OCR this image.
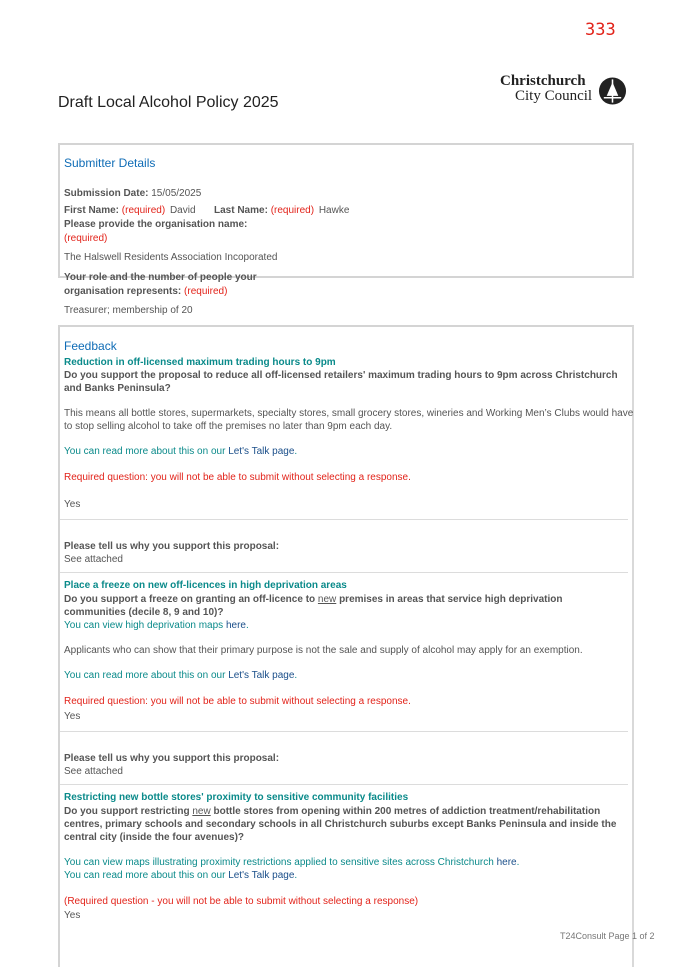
333
Christchurch
City Council
Draft Local Alcohol Policy 2025
Submitter Details
Submission Date: 15/05/2025
First Name: (required) David Last Name: (required) Hawke
Please provide the organisation name:
(required)
The Halswell Residents Association Incoporated
Your role and the number of people your
organisation represents: (required)
Treasurer; membership of 20
Feedback
Reduction in off-licensed maximum trading hours to 9pm
Do you support the proposal to reduce all off-licensed retailers' maximum trading hours to 9pm across Christchurch
and Banks Peninsula?
This means all bottle stores, supermarkets, specialty stores, small grocery stores, wineries and Working Men’s Clubs would have
to stop selling alcohol to take off the premises no later than 9pm each day.
You can read more about this on our Let's Talk page.
Required question: you will not be able to submit without selecting a response.
Yes
Please tell us why you support this proposal:
See attached
Place a freeze on new off-licences in high deprivation areas
Do you support a freeze on granting an off-licence to new premises in areas that service high deprivation
communities (decile 8, 9 and 10)?
You can view high deprivation maps here.
Applicants who can show that their primary purpose is not the sale and supply of alcohol may apply for an exemption.
You can read more about this on our Let's Talk page.
Required question: you will not be able to submit without selecting a response.
Yes
Please tell us why you support this proposal:
See attached
Restricting new bottle stores' proximity to sensitive community facilities
Do you support restricting new bottle stores from opening within 200 metres of addiction treatment/rehabilitation
centres, primary schools and secondary schools in all Christchurch suburbs except Banks Peninsula and inside the
central city (inside the four avenues)?
You can view maps illustrating proximity restrictions applied to sensitive sites across Christchurch here.
You can read more about this on our Let's Talk page.
(Required question - you will not be able to submit without selecting a response)
Yes
T24Consult Page 1 of 2
